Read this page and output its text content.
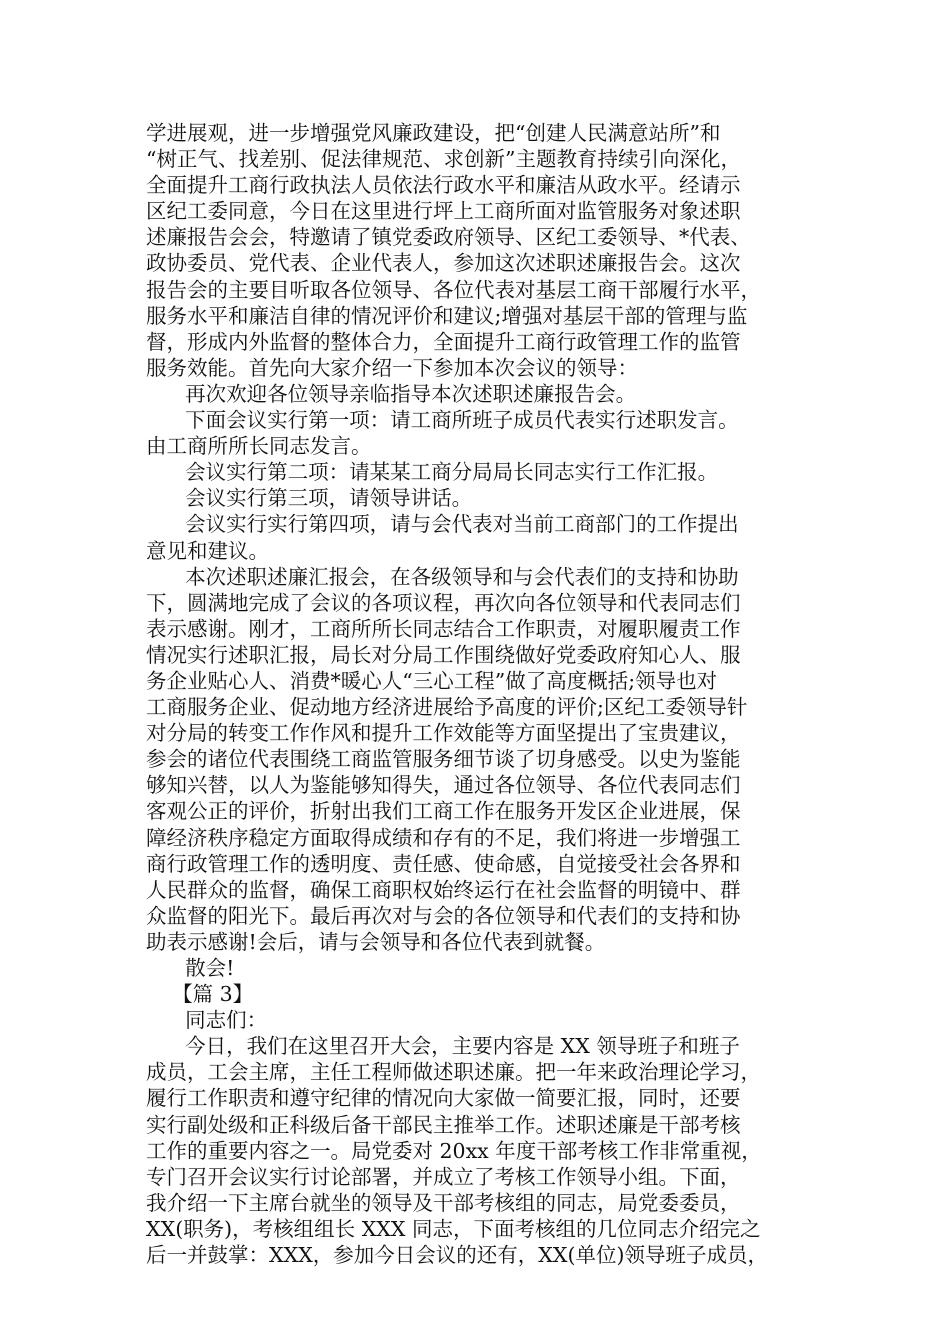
学进展观，进一步增强党风廉政建设，把“创建人民满意站所”和
“树正气、找差别、促法律规范、求创新”主题教育持续引向深化，
全面提升工商行政执法人员依法行政水平和廉洁从政水平。经请示
区纪工委同意，今日在这里进行坪上工商所面对监管服务对象述职
述廉报告会会，特邀请了镇党委政府领导、区纪工委领导、*代表、
政协委员、党代表、企业代表人，参加这次述职述廉报告会。这次
报告会的主要目听取各位领导、各位代表对基层工商干部履行水平，
服务水平和廉洁自律的情况评价和建议;增强对基层干部的管理与监
督，形成内外监督的整体合力，全面提升工商行政管理工作的监管
服务效能。首先向大家介绍一下参加本次会议的领导：
再次欢迎各位领导亲临指导本次述职述廉报告会。
下面会议实行第一项：请工商所班子成员代表实行述职发言。
由工商所所长同志发言。
会议实行第二项：请某某工商分局局长同志实行工作汇报。
会议实行第三项，请领导讲话。
会议实行实行第四项，请与会代表对当前工商部门的工作提出
意见和建议。
本次述职述廉汇报会，在各级领导和与会代表们的支持和协助
下，圆满地完成了会议的各项议程，再次向各位领导和代表同志们
表示感谢。刚才，工商所所长同志结合工作职责，对履职履责工作
情况实行述职汇报，局长对分局工作围绕做好党委政府知心人、服
务企业贴心人、消费*暖心人“三心工程”做了高度概括;领导也对
工商服务企业、促动地方经济进展给予高度的评价;区纪工委领导针
对分局的转变工作作风和提升工作效能等方面坚提出了宝贵建议，
参会的诸位代表围绕工商监管服务细节谈了切身感受。以史为鉴能
够知兴替，以人为鉴能够知得失，通过各位领导、各位代表同志们
客观公正的评价，折射出我们工商工作在服务开发区企业进展，保
障经济秩序稳定方面取得成绩和存有的不足，我们将进一步增强工
商行政管理工作的透明度、责任感、使命感，自觉接受社会各界和
人民群众的监督，确保工商职权始终运行在社会监督的明镜中、群
众监督的阳光下。最后再次对与会的各位领导和代表们的支持和协
助表示感谢!会后，请与会领导和各位代表到就餐。
散会!
【篇 3】
同志们：
今日，我们在这里召开大会，主要内容是 XX 领导班子和班子
成员，工会主席，主任工程师做述职述廉。把一年来政治理论学习，
履行工作职责和遵守纪律的情况向大家做一简要汇报，同时，还要
实行副处级和正科级后备干部民主推举工作。述职述廉是干部考核
工作的重要内容之一。局党委对 20xx 年度干部考核工作非常重视，
专门召开会议实行讨论部署，并成立了考核工作领导小组。下面，
我介绍一下主席台就坐的领导及干部考核组的同志，局党委委员，
XX(职务)，考核组组长 XXX 同志，下面考核组的几位同志介绍完之
后一并鼓掌：XXX，参加今日会议的还有，XX(单位)领导班子成员，
